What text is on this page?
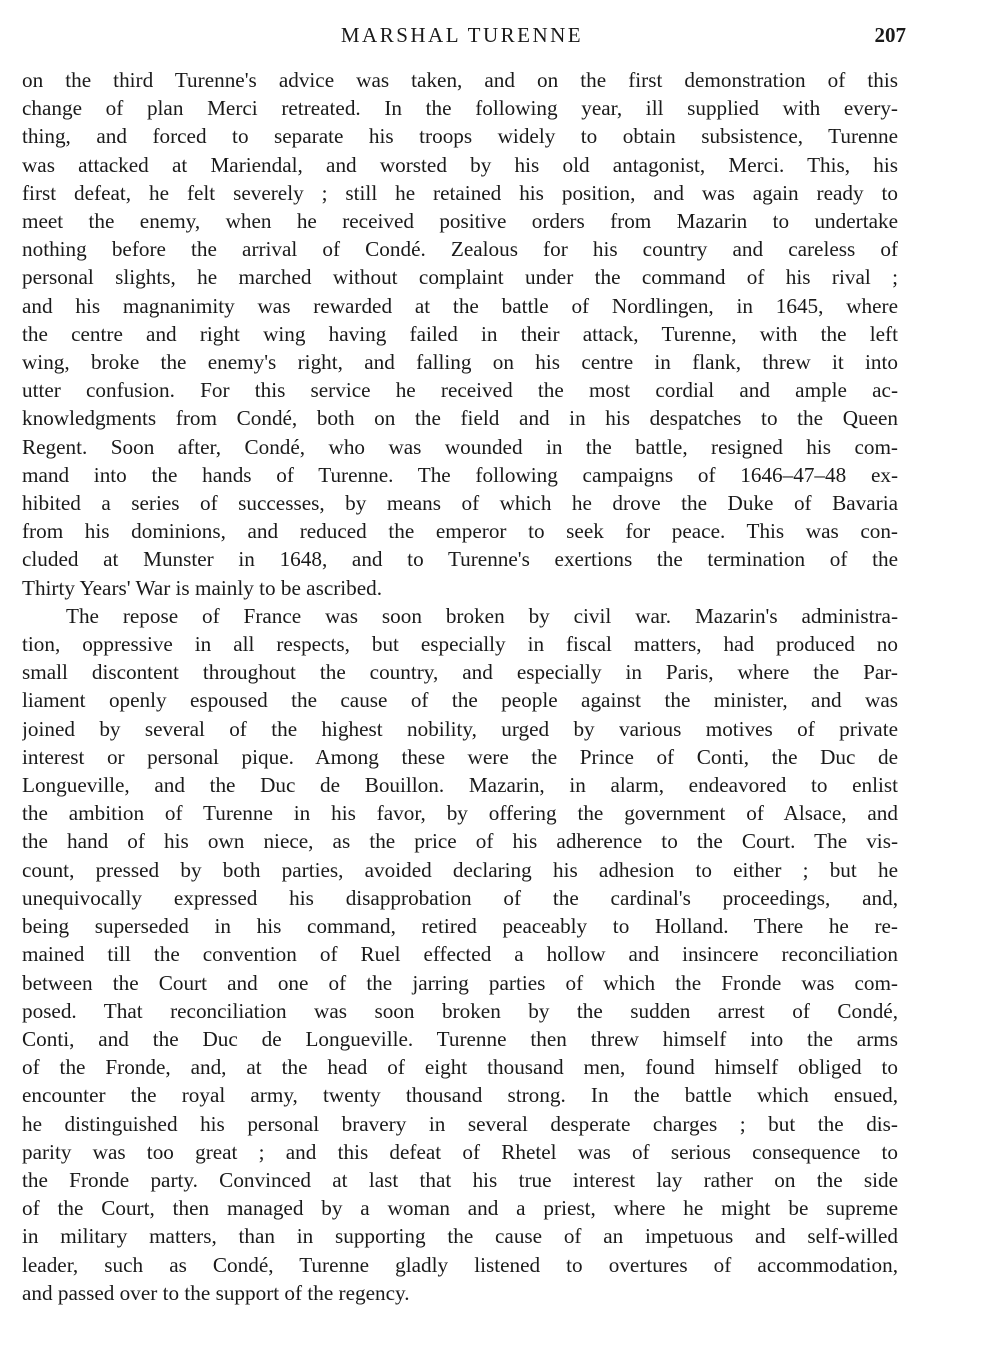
MARSHAL TURENNE	207
on the third Turenne's advice was taken, and on the first demonstration of this
change of plan Merci retreated. In the following year, ill supplied with every-
thing, and forced to separate his troops widely to obtain subsistence, Turenne
was attacked at Mariendal, and worsted by his old antagonist, Merci. This, his
first defeat, he felt severely ; still he retained his position, and was again ready to
meet the enemy, when he received positive orders from Mazarin to undertake
nothing before the arrival of Condé. Zealous for his country and careless of
personal slights, he marched without complaint under the command of his rival ;
and his magnanimity was rewarded at the battle of Nordlingen, in 1645, where
the centre and right wing having failed in their attack, Turenne, with the left
wing, broke the enemy's right, and falling on his centre in flank, threw it into
utter confusion. For this service he received the most cordial and ample ac-
knowledgments from Condé, both on the field and in his despatches to the Queen
Regent. Soon after, Condé, who was wounded in the battle, resigned his com-
mand into the hands of Turenne. The following campaigns of 1646–47–48 ex-
hibited a series of successes, by means of which he drove the Duke of Bavaria
from his dominions, and reduced the emperor to seek for peace. This was con-
cluded at Munster in 1648, and to Turenne's exertions the termination of the
Thirty Years' War is mainly to be ascribed.
The repose of France was soon broken by civil war. Mazarin's administra-
tion, oppressive in all respects, but especially in fiscal matters, had produced no
small discontent throughout the country, and especially in Paris, where the Par-
liament openly espoused the cause of the people against the minister, and was
joined by several of the highest nobility, urged by various motives of private
interest or personal pique. Among these were the Prince of Conti, the Duc de
Longueville, and the Duc de Bouillon. Mazarin, in alarm, endeavored to enlist
the ambition of Turenne in his favor, by offering the government of Alsace, and
the hand of his own niece, as the price of his adherence to the Court. The vis-
count, pressed by both parties, avoided declaring his adhesion to either ; but he
unequivocally expressed his disapprobation of the cardinal's proceedings, and,
being superseded in his command, retired peaceably to Holland. There he re-
mained till the convention of Ruel effected a hollow and insincere reconciliation
between the Court and one of the jarring parties of which the Fronde was com-
posed. That reconciliation was soon broken by the sudden arrest of Condé,
Conti, and the Duc de Longueville. Turenne then threw himself into the arms
of the Fronde, and, at the head of eight thousand men, found himself obliged to
encounter the royal army, twenty thousand strong. In the battle which ensued,
he distinguished his personal bravery in several desperate charges ; but the dis-
parity was too great ; and this defeat of Rhetel was of serious consequence to
the Fronde party. Convinced at last that his true interest lay rather on the side
of the Court, then managed by a woman and a priest, where he might be supreme
in military matters, than in supporting the cause of an impetuous and self-willed
leader, such as Condé, Turenne gladly listened to overtures of accommodation,
and passed over to the support of the regency.
